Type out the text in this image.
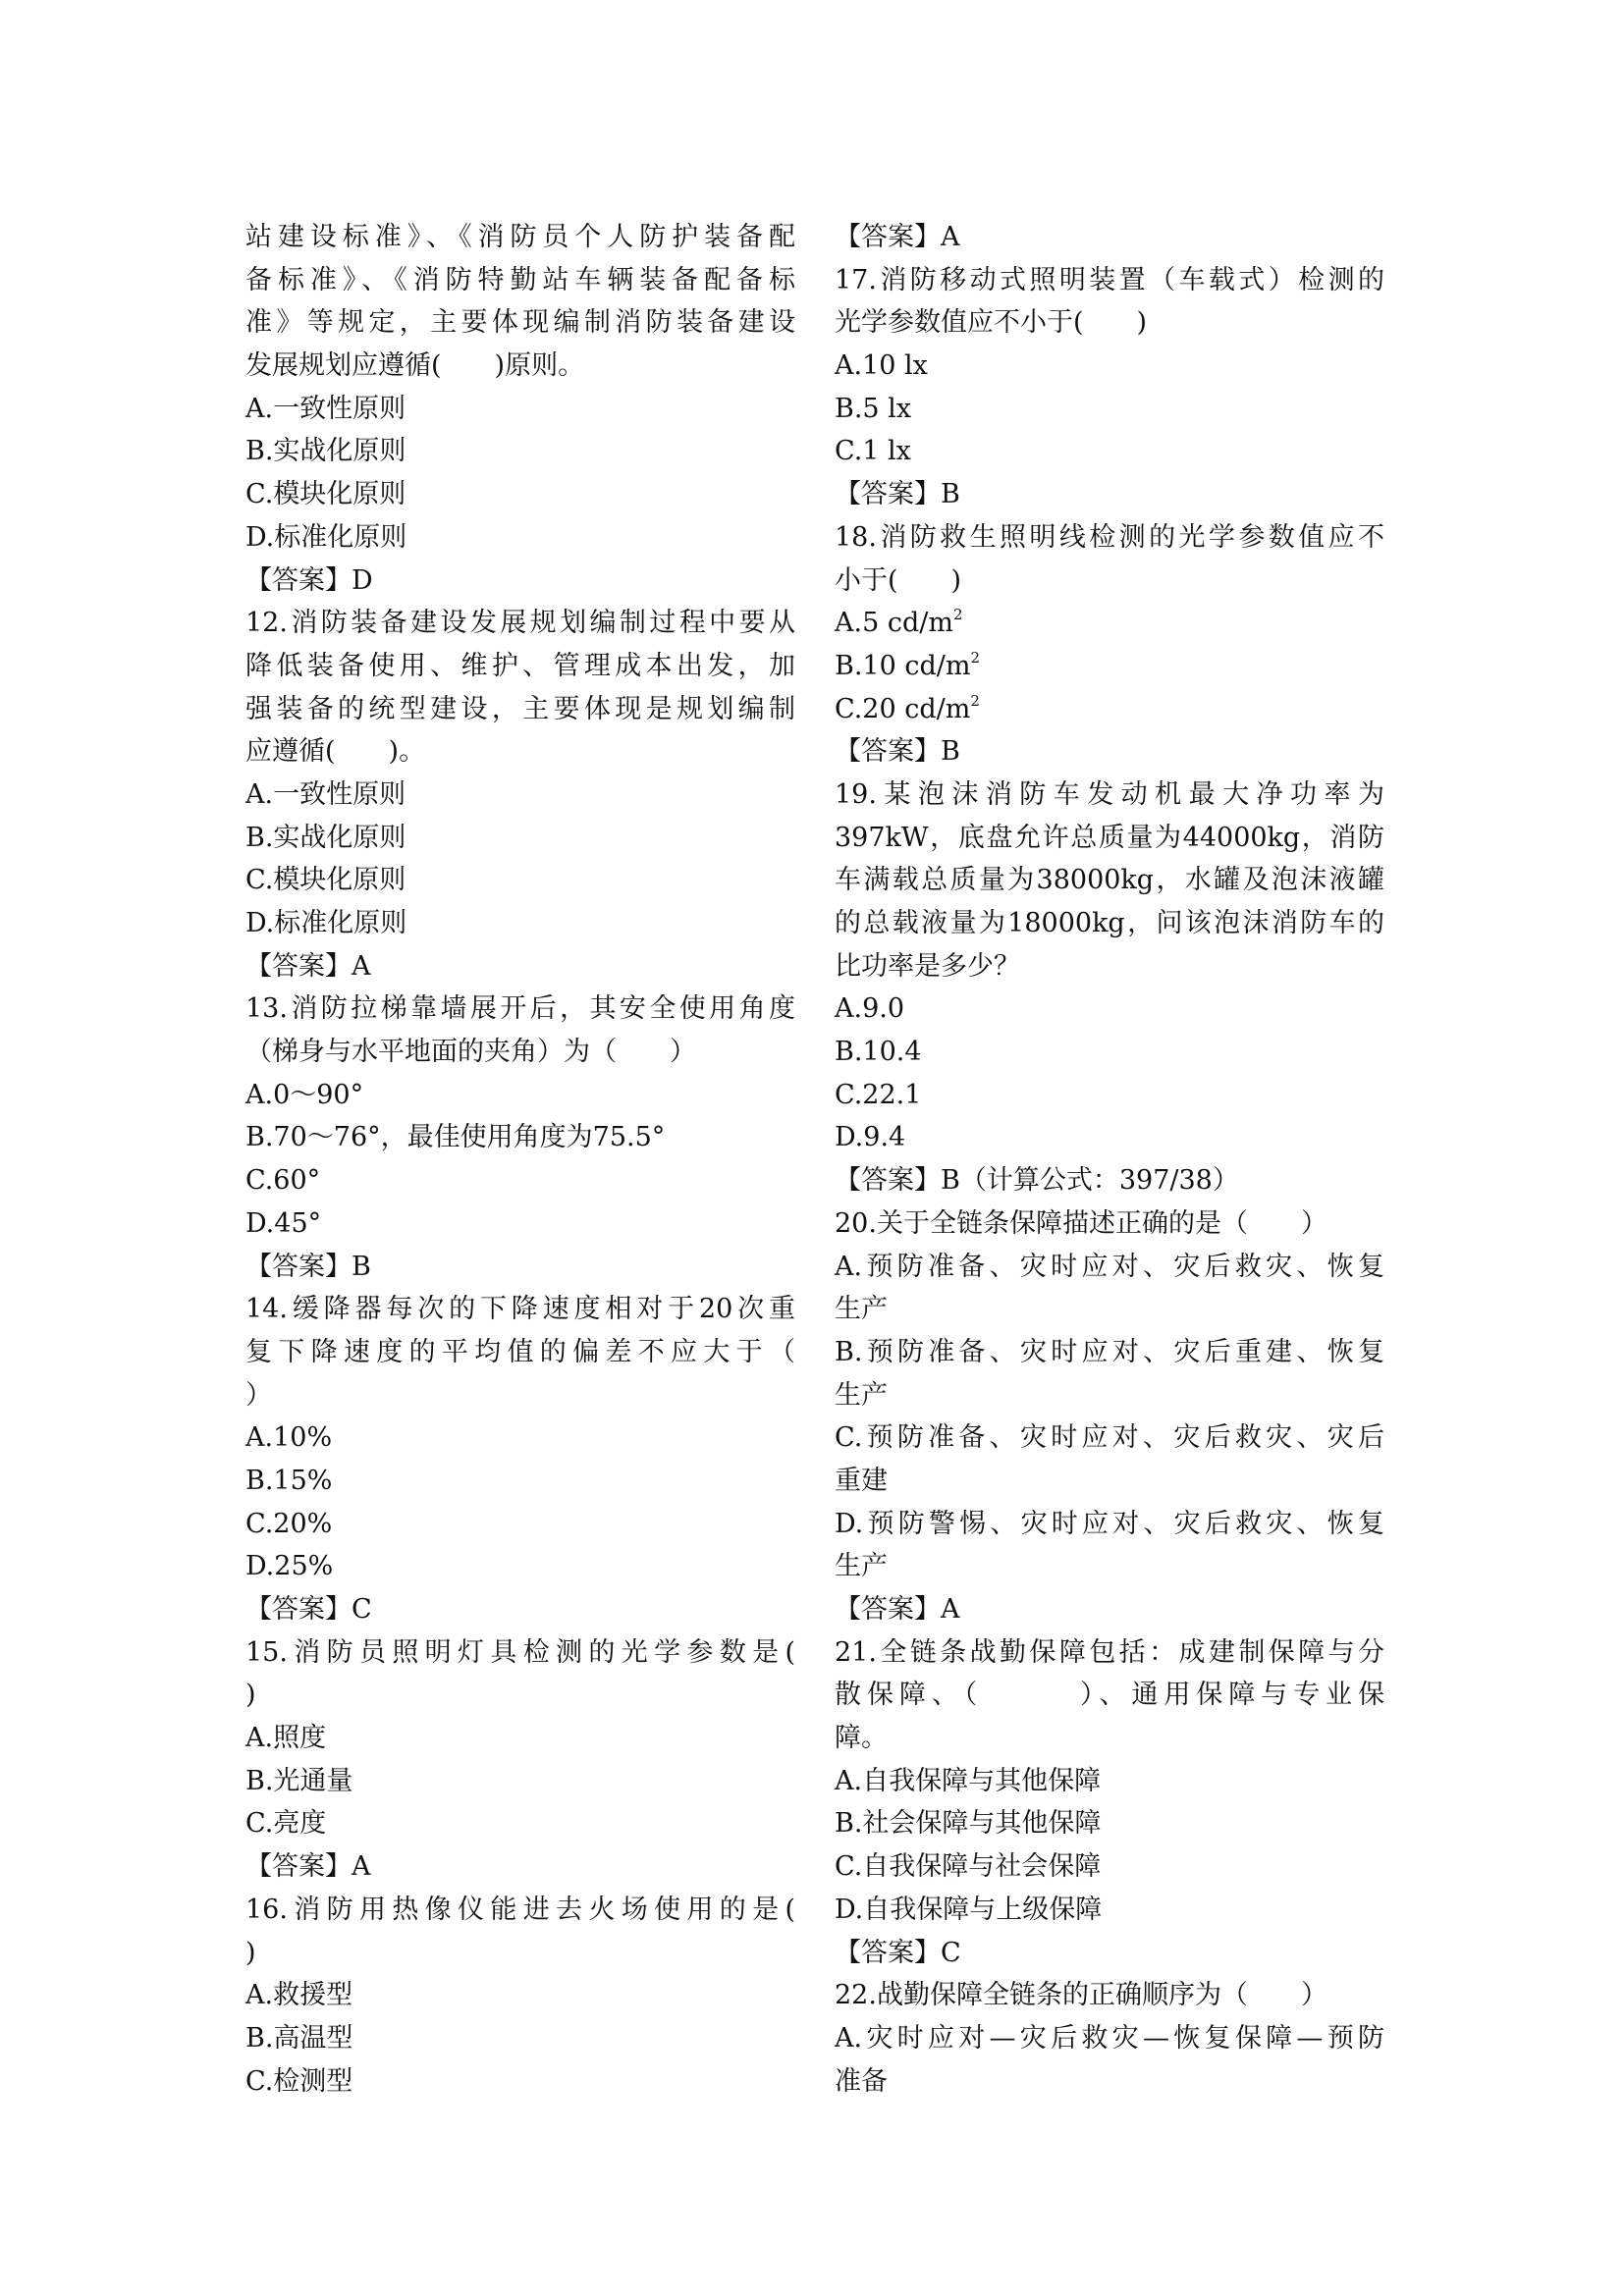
站建设标准》、《消防员个人防护装备配
备标准》、《消防特勤站车辆装备配备标
准》等规定，主要体现编制消防装备建设
发展规划应遵循(　　)原则。
A.一致性原则
B.实战化原则
C.模块化原则
D.标准化原则
【答案】D
12.消防装备建设发展规划编制过程中要从
降低装备使用、维护、管理成本出发，加
强装备的统型建设，主要体现是规划编制
应遵循(　　)。
A.一致性原则
B.实战化原则
C.模块化原则
D.标准化原则
【答案】A
13.消防拉梯靠墙展开后，其安全使用角度
（梯身与水平地面的夹角）为（　　）
A.0～90°
B.70～76°，最佳使用角度为75.5°
C.60°
D.45°
【答案】B
14.缓降器每次的下降速度相对于20次重
复下降速度的平均值的偏差不应大于（
）
A.10%
B.15%
C.20%
D.25%
【答案】C
15.消防员照明灯具检测的光学参数是(
)
A.照度
B.光通量
C.亮度
【答案】A
16.消防用热像仪能进去火场使用的是(
)
A.救援型
B.高温型
C.检测型
【答案】A
17.消防移动式照明装置（车载式）检测的
光学参数值应不小于(　　)
A.10 lx
B.5 lx
C.1 lx
【答案】B
18.消防救生照明线检测的光学参数值应不
小于(　　)
A.5 $cd/m^2$
B.10 $cd/m^2$
C.20 $cd/m^2$
【答案】B
19.某泡沫消防车发动机最大净功率为
397kW，底盘允许总质量为44000kg，消防
车满载总质量为38000kg，水罐及泡沫液罐
的总载液量为18000kg，问该泡沫消防车的
比功率是多少？
A.9.0
B.10.4
C.22.1
D.9.4
【答案】B（计算公式：397/38）
20.关于全链条保障描述正确的是（　　）
A.预防准备、灾时应对、灾后救灾、恢复
生产
B.预防准备、灾时应对、灾后重建、恢复
生产
C.预防准备、灾时应对、灾后救灾、灾后
重建
D.预防警惕、灾时应对、灾后救灾、恢复
生产
【答案】A
21.全链条战勤保障包括：成建制保障与分
散保障、（　　　）、通用保障与专业保
障。
A.自我保障与其他保障
B.社会保障与其他保障
C.自我保障与社会保障
D.自我保障与上级保障
【答案】C
22.战勤保障全链条的正确顺序为（　　）
A.灾时应对—灾后救灾—恢复保障—预防
准备
